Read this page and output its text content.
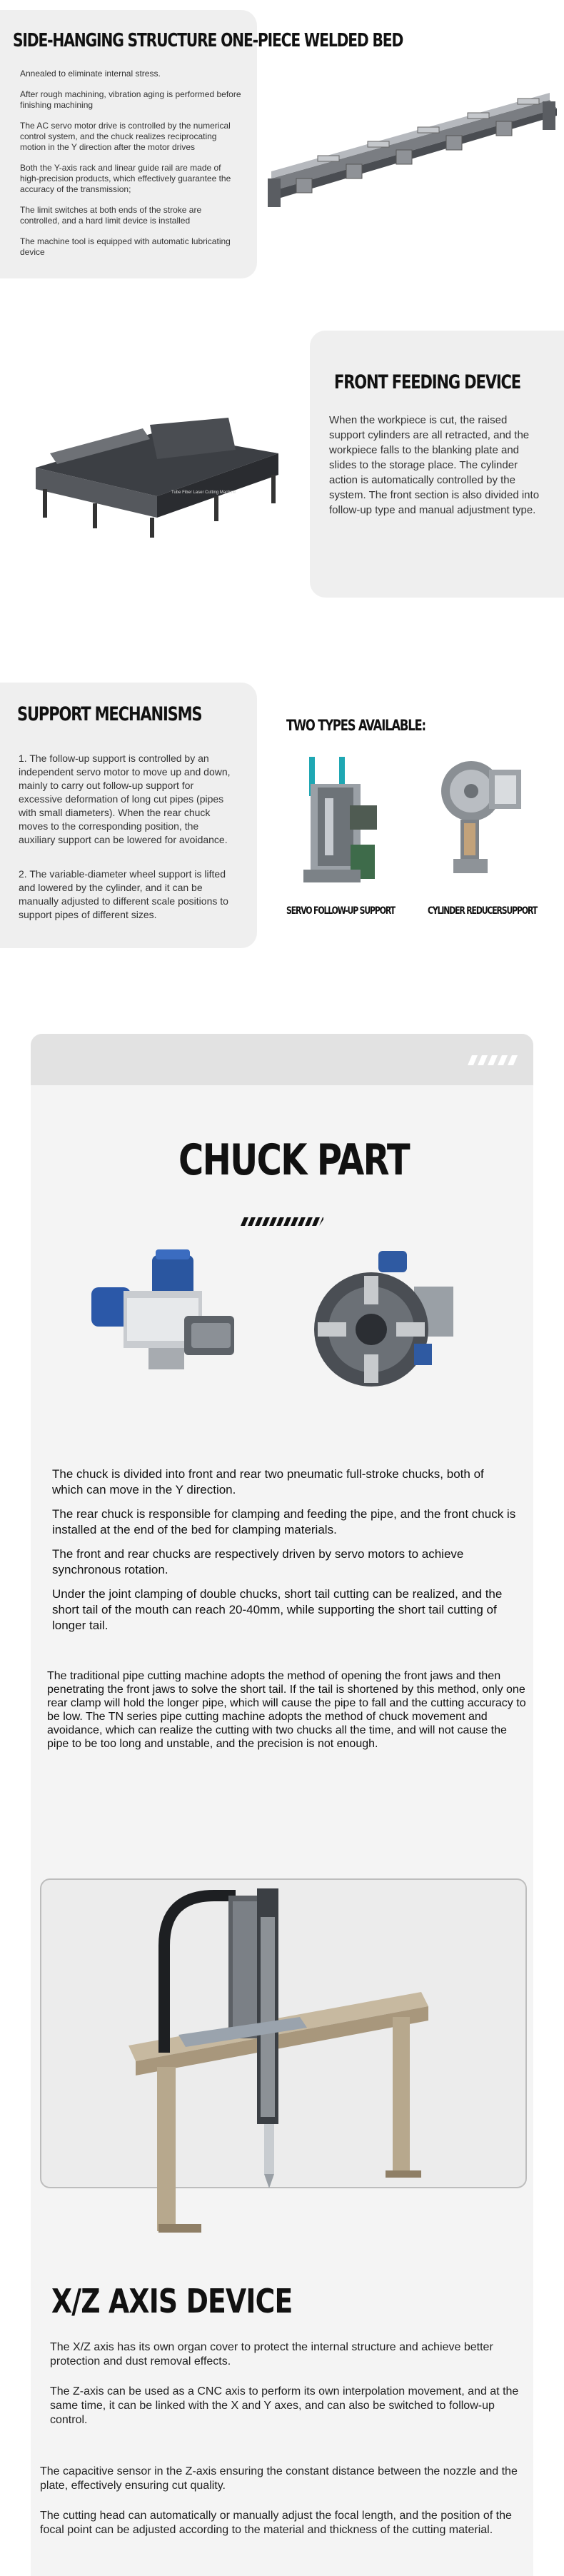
SIDE-HANGING STRUCTURE ONE-PIECE WELDED BED

Annealed to eliminate internal stress.

After rough machining, vibration aging is performed before finishing machining

The AC servo motor drive is controlled by the numerical control system, and the chuck realizes reciprocating motion in the Y direction after the motor drives

Both the Y-axis rack and linear guide rail are made of high-precision products, which effectively guarantee the accuracy of the transmission;

The limit switches at both ends of the stroke are controlled, and a hard limit device is installed

The machine tool is equipped with automatic lubricating device

FRONT FEEDING DEVICE

When the workpiece is cut, the raised support cylinders are all retracted, and the workpiece falls to the blanking plate and slides to the storage place. The cylinder action is automatically controlled by the system. The front section is also divided into follow-up type and manual adjustment type.

Tube Fiber Laser Cutting Machine
SUPPORT MECHANISMS

1. The follow-up support is controlled by an independent servo motor to move up and down, mainly to carry out follow-up support for excessive deformation of long cut pipes (pipes with small diameters). When the rear chuck moves to the corresponding position, the auxiliary support can be lowered for avoidance.

2. The variable-diameter wheel support is lifted and lowered by the cylinder, and it can be manually adjusted to different scale positions to support pipes of different sizes.

TWO TYPES AVAILABLE:
SERVO FOLLOW-UP SUPPORT	CYLINDER REDUCERSUPPORT
CHUCK PART

The chuck is divided into front and rear two pneumatic full-stroke chucks, both of which can move in the Y direction.

The rear chuck is responsible for clamping and feeding the pipe, and the front chuck is installed at the end of the bed for clamping materials.

The front and rear chucks are respectively driven by servo motors to achieve synchronous rotation.

Under the joint clamping of double chucks, short tail cutting can be realized, and the short tail of the mouth can reach 20-40mm, while supporting the short tail cutting of longer tail.

The traditional pipe cutting machine adopts the method of opening the front jaws and then penetrating the front jaws to solve the short tail. If the tail is shortened by this method, only one rear clamp will hold the longer pipe, which will cause the pipe to fall and the cutting accuracy to be low. The TN series pipe cutting machine adopts the method of chuck movement and avoidance, which can realize the cutting with two chucks all the time, and will not cause the pipe to be too long and unstable, and the precision is not enough.

X/Z AXIS DEVICE

The X/Z axis has its own organ cover to protect the internal structure and achieve better protection and dust removal effects.

The Z-axis can be used as a CNC axis to perform its own interpolation movement, and at the same time, it can be linked with the X and Y axes, and can also be switched to follow-up control.

The capacitive sensor in the Z-axis ensuring the constant distance between the nozzle and the plate, effectively ensuring cut quality.

The cutting head can automatically or manually adjust the focal length, and the position of the focal point can be adjusted according to the material and thickness of the cutting material.
